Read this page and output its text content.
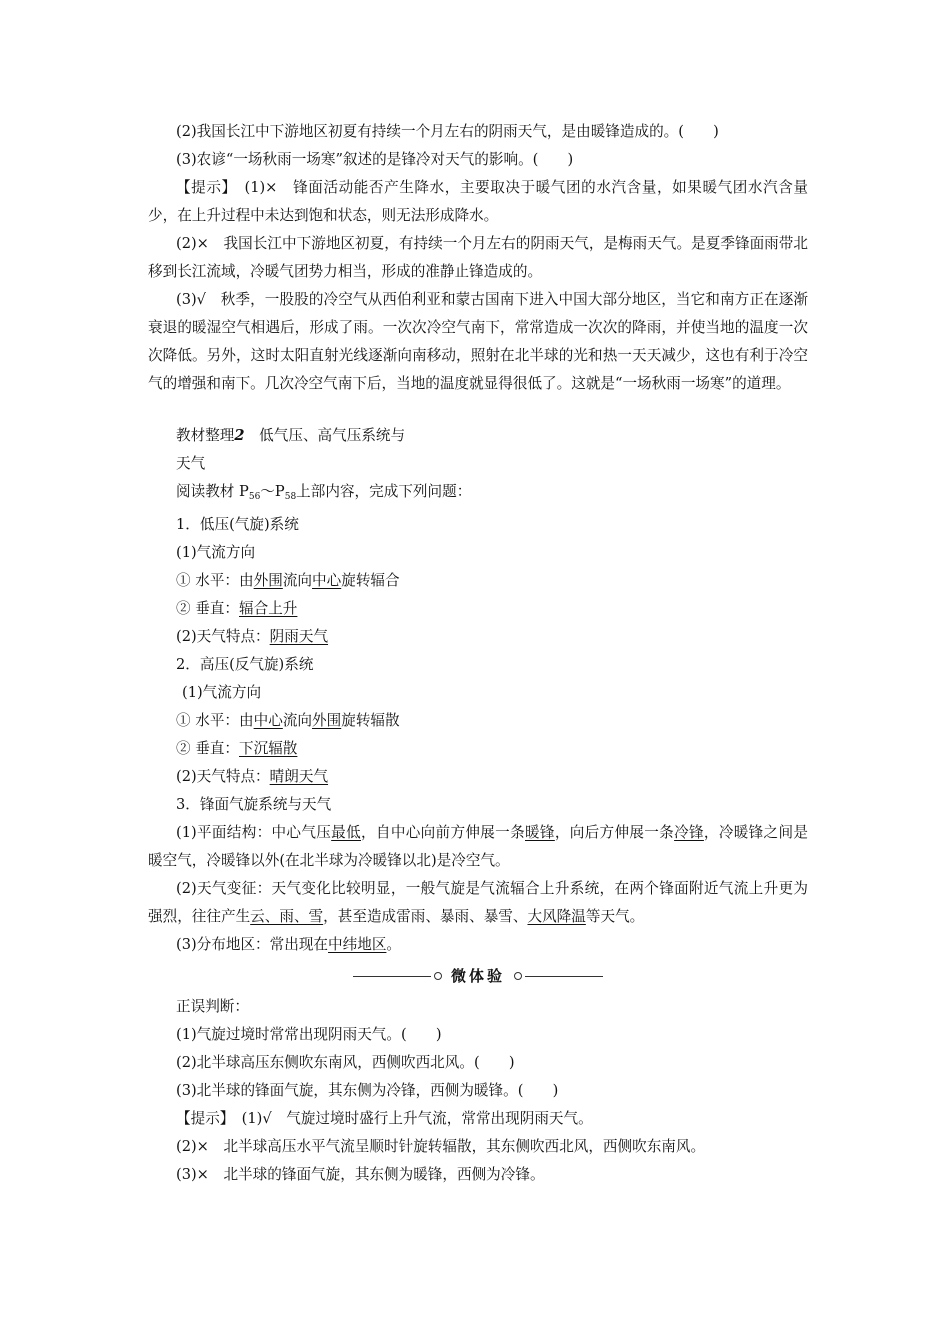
(2)我国长江中下游地区初夏有持续一个月左右的阴雨天气，是由暖锋造成的。(　　)

(3)农谚“一场秋雨一场寒”叙述的是锋冷对天气的影响。(　　)

【提示】　(1)×　锋面活动能否产生降水，主要取决于暖气团的水汽含量，如果暖气团水汽含量少，在上升过程中未达到饱和状态，则无法形成降水。

(2)×　我国长江中下游地区初夏，有持续一个月左右的阴雨天气，是梅雨天气。是夏季锋面雨带北移到长江流域，冷暖气团势力相当，形成的准静止锋造成的。

(3)√　秋季，一股股的冷空气从西伯利亚和蒙古国南下进入中国大部分地区，当它和南方正在逐渐衰退的暖湿空气相遇后，形成了雨。一次次冷空气南下，常常造成一次次的降雨，并使当地的温度一次次降低。另外，这时太阳直射光线逐渐向南移动，照射在北半球的光和热一天天减少，这也有利于冷空气的增强和南下。几次冷空气南下后，当地的温度就显得很低了。这就是“一场秋雨一场寒”的道理。

教材整理2　 低气压、高气压系统与

天气

阅读教材 $P_{56}\sim P_{58}$上部内容，完成下列问题：

1．低压(气旋)系统

(1)气流方向

① 水平：由外围流向中心旋转辐合

② 垂直：辐合上升

(2)天气特点：阴雨天气

2．高压(反气旋)系统

(1)气流方向

① 水平：由中心流向外围旋转辐散

② 垂直：下沉辐散

(2)天气特点：晴朗天气

3．锋面气旋系统与天气

(1)平面结构：中心气压最低，自中心向前方伸展一条暖锋，向后方伸展一条冷锋，冷暖锋之间是暖空气，冷暖锋以外(在北半球为冷暖锋以北)是冷空气。

(2)天气变征：天气变化比较明显，一般气旋是气流辐合上升系统，在两个锋面附近气流上升更为强烈，往往产生云、雨、雪，甚至造成雷雨、暴雨、暴雪、大风降温等天气。

(3)分布地区：常出现在中纬地区。

微体验

正误判断：

(1)气旋过境时常常出现阴雨天气。(　　)

(2)北半球高压东侧吹东南风，西侧吹西北风。(　　)

(3)北半球的锋面气旋，其东侧为冷锋，西侧为暖锋。(　　)

【提示】　(1)√　气旋过境时盛行上升气流，常常出现阴雨天气。

(2)×　北半球高压水平气流呈顺时针旋转辐散，其东侧吹西北风，西侧吹东南风。

(3)×　北半球的锋面气旋，其东侧为暖锋，西侧为冷锋。
